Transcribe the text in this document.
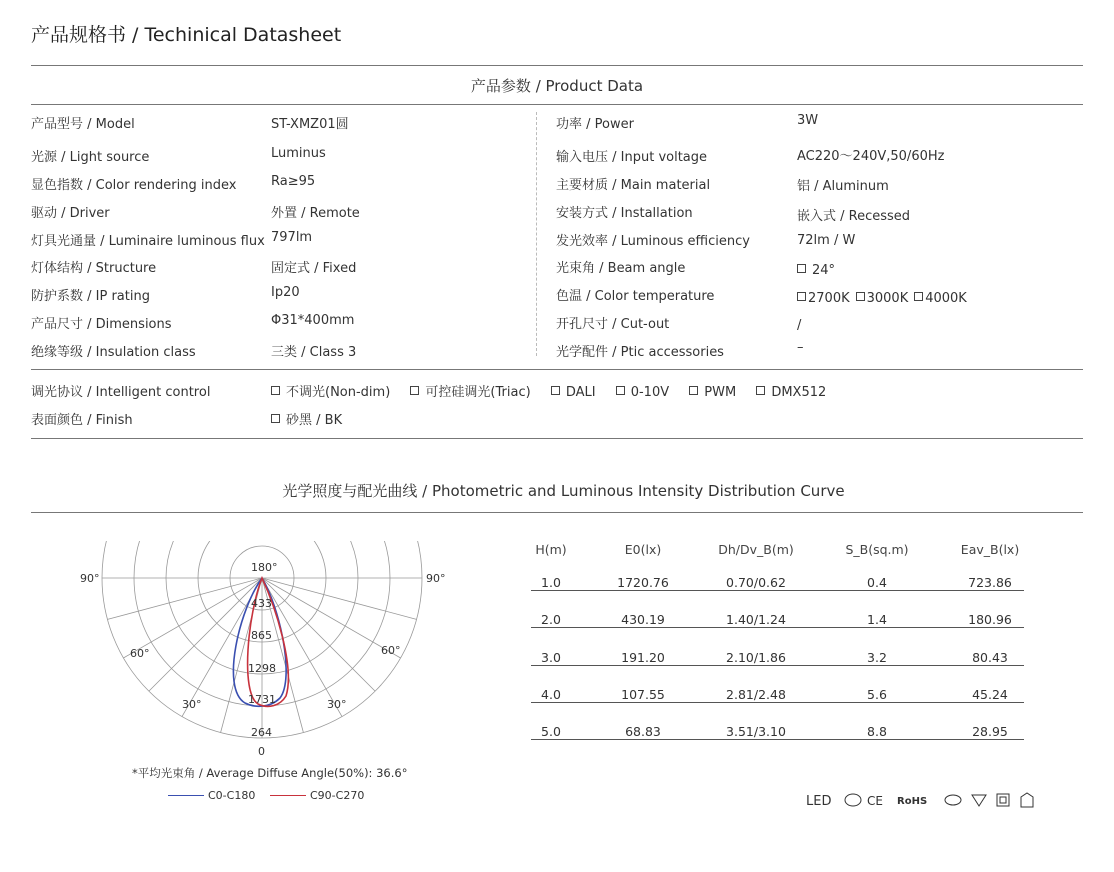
产品规格书 / Techinical Datasheet
产品参数 / Product Data
产品型号 / Model	ST-XMZ01圆
光源 / Light source	Luminus
显色指数 / Color rendering index	Ra≥95
驱动 / Driver	外置 / Remote
灯具光通量 / Luminaire luminous flux 797lm
灯体结构 / Structure	固定式 / Fixed
防护系数 / IP rating	Ip20
产品尺寸 / Dimensions	Φ31*400mm
绝缘等级 / Insulation class	三类 / Class 3
功率 / Power	3W
输入电压 / Input voltage	AC220～240V,50/60Hz
主要材质 / Main material	铝 / Aluminum
安装方式 / Installation	嵌入式 / Recessed
发光效率 / Luminous efficiency	72lm / W
光束角 / Beam angle	24°
色温 / Color temperature	2700K 3000K 4000K
开孔尺寸 / Cut-out	/
光学配件 / Ptic accessories	–
调光协议 / Intelligent control	不调光(Non-dim)	可控硅调光(Triac)	DALI	0-10V	PWM	DMX512
表面颜色 / Finish	砂黑 / BK
光学照度与配光曲线 / Photometric and Luminous Intensity Distribution Curve
180°
90°	90°
60°	60°
30°	30°
0
433
865
1298
1731
264
*平均光束角 / Average Diffuse Angle(50%): 36.6°
C0-C180	C90-C270
H(m)	E0(lx)	Dh/Dv_B(m)	S_B(sq.m)	Eav_B(lx)
1.0	1720.76	0.70/0.62	0.4	723.86
2.0	430.19	1.40/1.24	1.4	180.96
3.0	191.20	2.10/1.86	3.2	80.43
4.0	107.55	2.81/2.48	5.6	45.24
5.0	68.83	3.51/3.10	8.8	28.95
LED	CE RoHS
